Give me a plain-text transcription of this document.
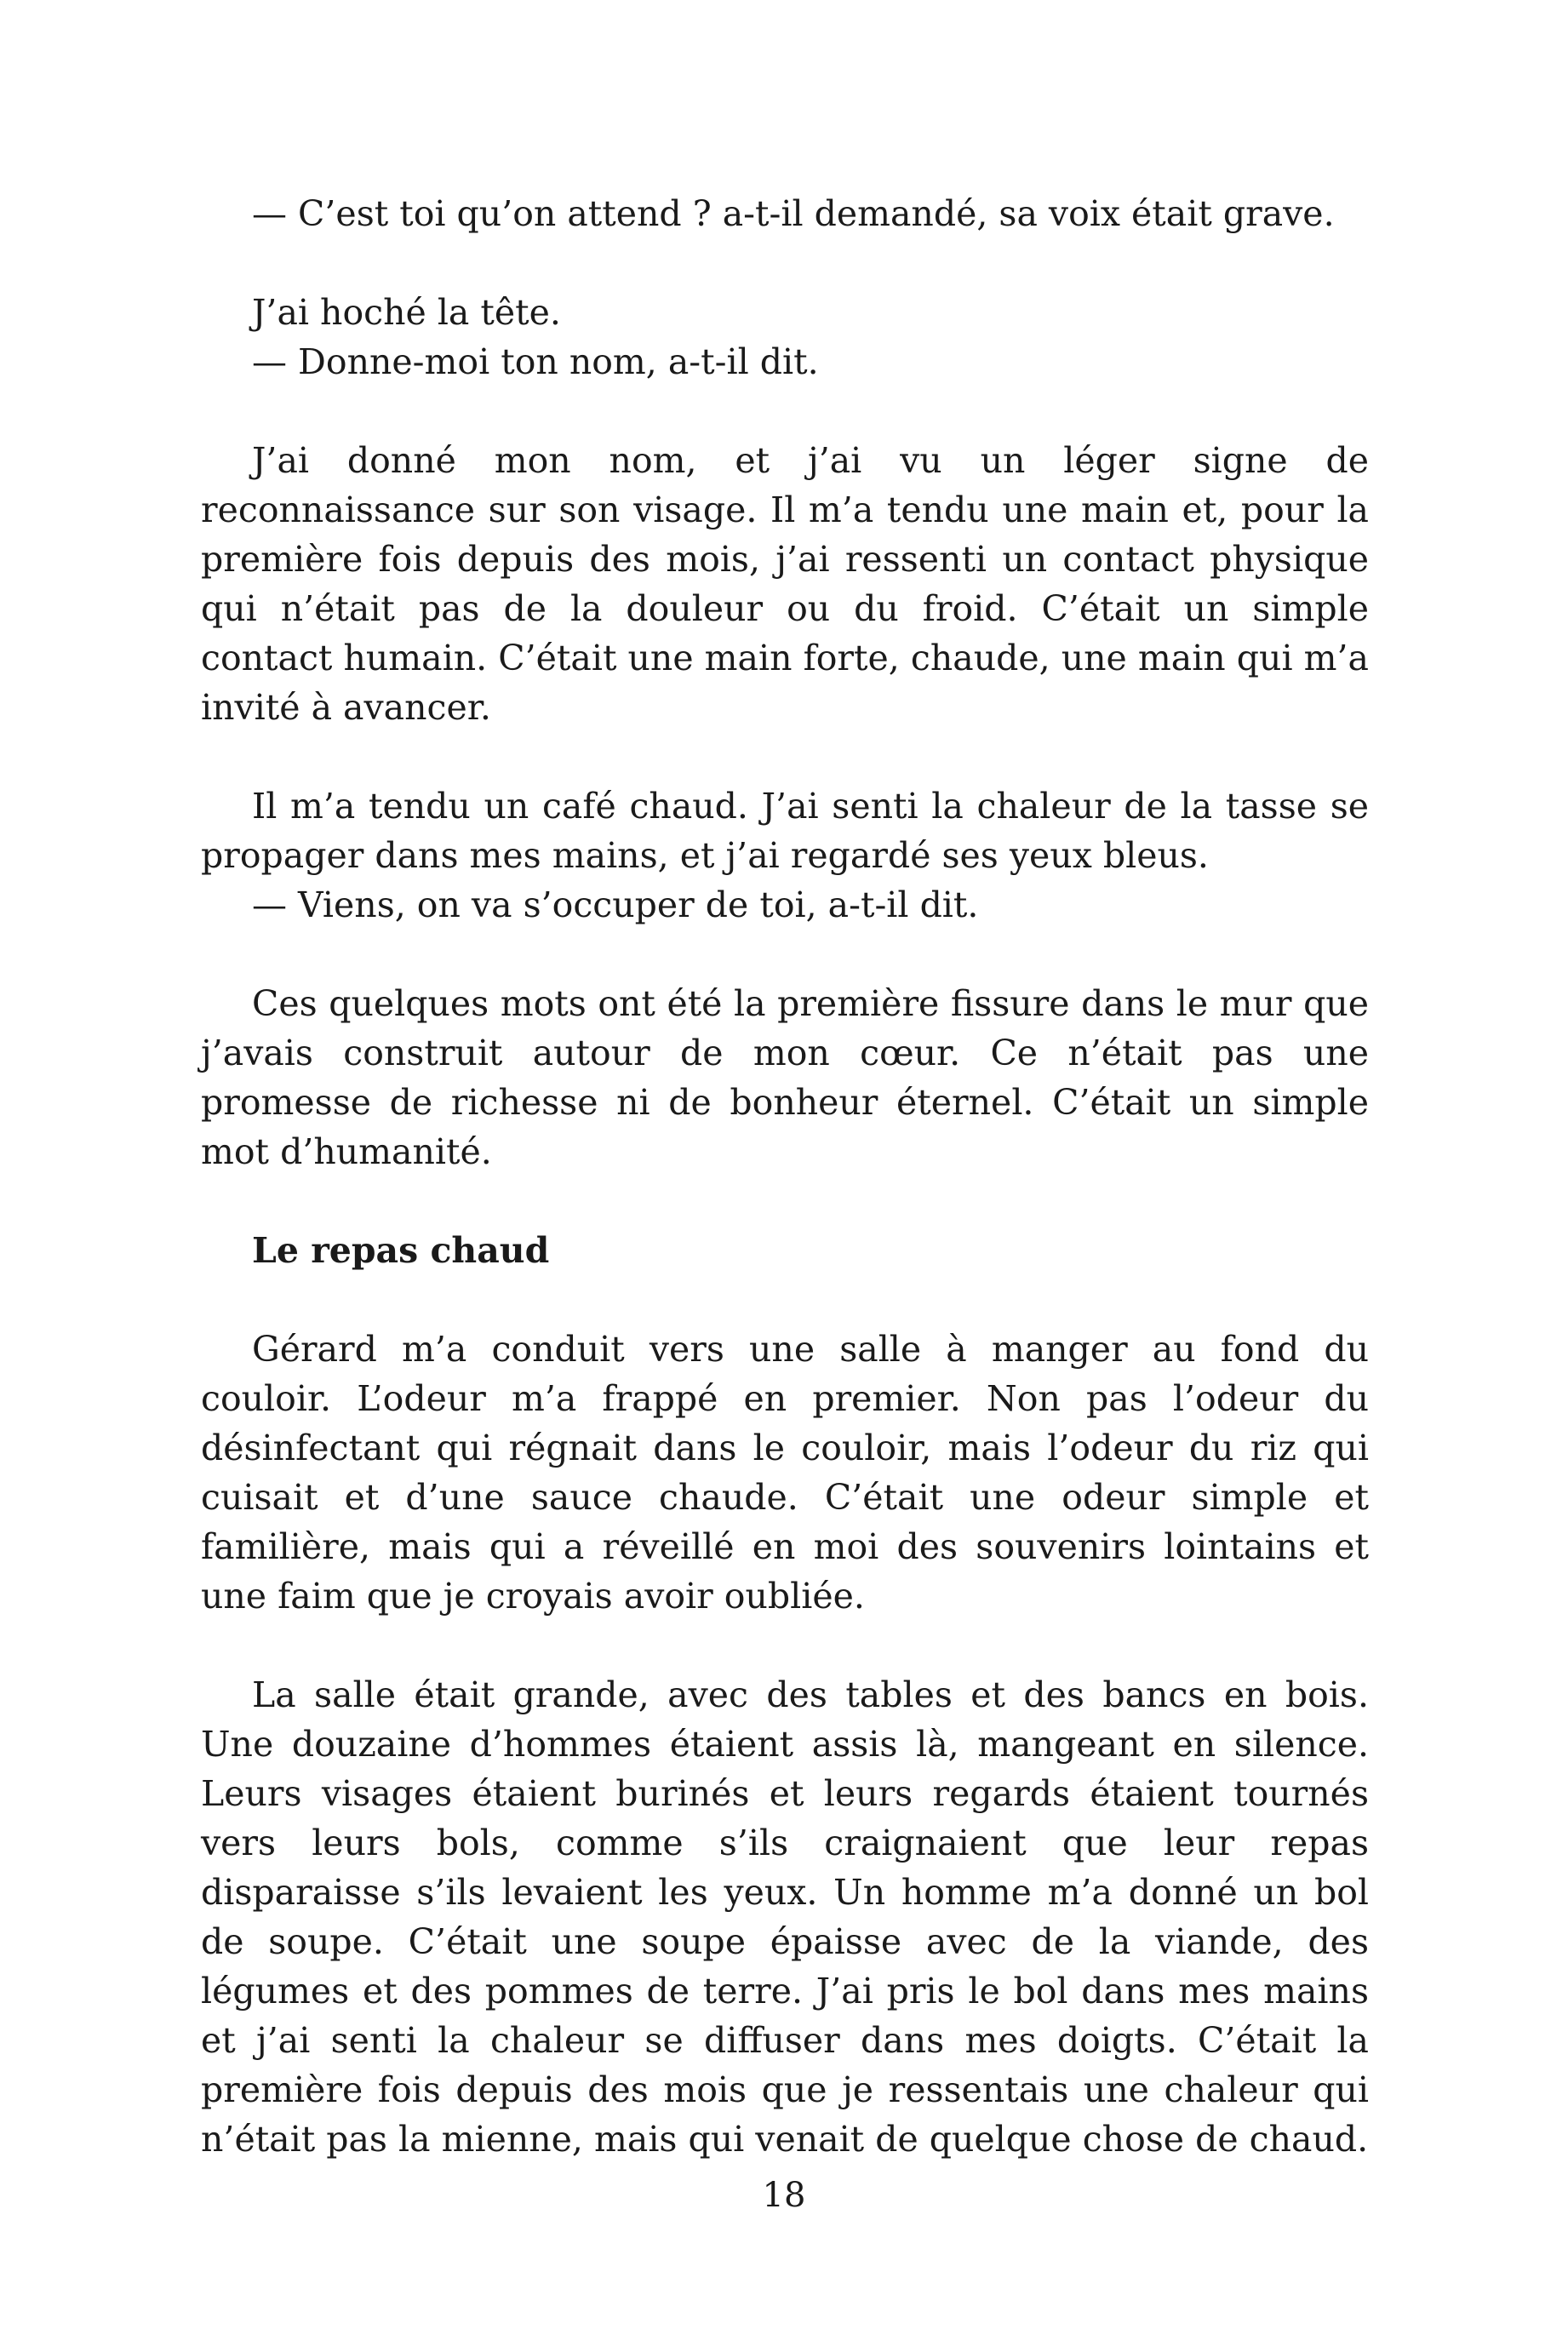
— C’est toi qu’on attend ? a-t-il demandé, sa voix était grave.

J’ai hoché la tête.

— Donne-moi ton nom, a-t-il dit.

J’ai donné mon nom, et j’ai vu un léger signe de reconnaissance sur son visage. Il m’a tendu une main et, pour la première fois depuis des mois, j’ai ressenti un contact physique qui n’était pas de la douleur ou du froid. C’était un simple contact humain. C’était une main forte, chaude, une main qui m’a invité à avancer.

Il m’a tendu un café chaud. J’ai senti la chaleur de la tasse se propager dans mes mains, et j’ai regardé ses yeux bleus.

— Viens, on va s’occuper de toi, a-t-il dit.

Ces quelques mots ont été la première fissure dans le mur que j’avais construit autour de mon cœur. Ce n’était pas une promesse de richesse ni de bonheur éternel. C’était un simple mot d’humanité.

Le repas chaud

Gérard m’a conduit vers une salle à manger au fond du couloir. L’odeur m’a frappé en premier. Non pas l’odeur du désinfectant qui régnait dans le couloir, mais l’odeur du riz qui cuisait et d’une sauce chaude. C’était une odeur simple et familière, mais qui a réveillé en moi des souvenirs lointains et une faim que je croyais avoir oubliée.

La salle était grande, avec des tables et des bancs en bois. Une douzaine d’hommes étaient assis là, mangeant en silence. Leurs visages étaient burinés et leurs regards étaient tournés vers leurs bols, comme s’ils craignaient que leur repas disparaisse s’ils levaient les yeux. Un homme m’a donné un bol de soupe. C’était une soupe épaisse avec de la viande, des légumes et des pommes de terre. J’ai pris le bol dans mes mains et j’ai senti la chaleur se diffuser dans mes doigts. C’était la première fois depuis des mois que je ressentais une chaleur qui n’était pas la mienne, mais qui venait de quelque chose de chaud.

18
